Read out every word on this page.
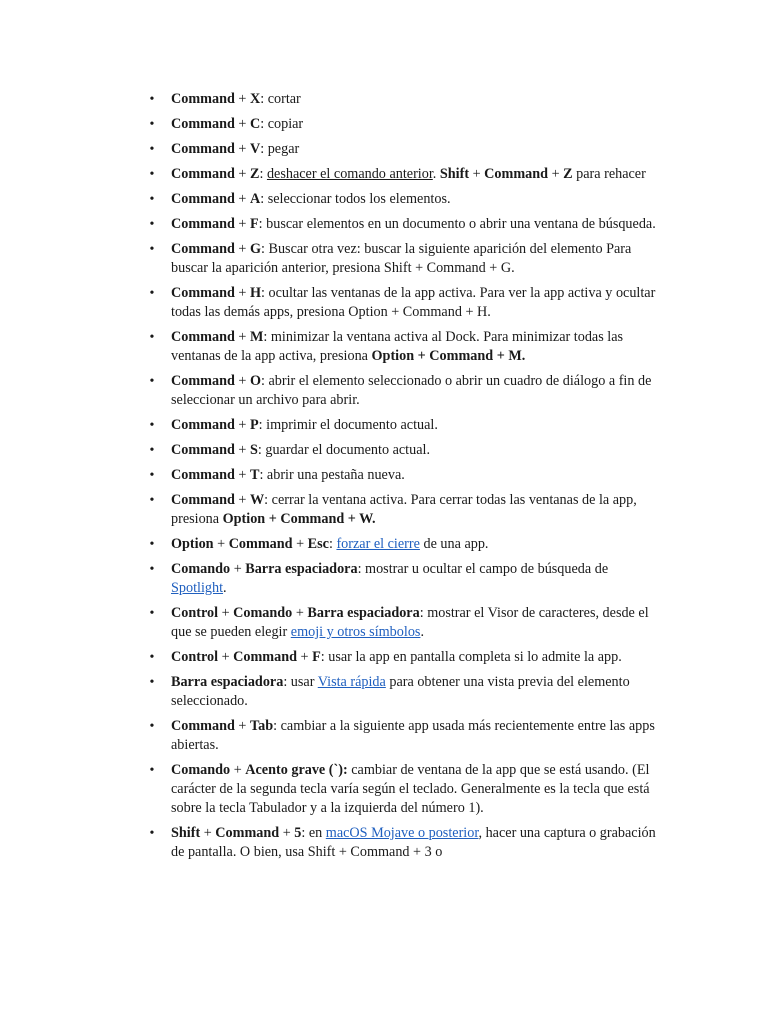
•	Command + X: cortar
•	Command + C: copiar
•	Command + V: pegar
•	Command + Z: deshacer el comando anterior. Shift + Command + Z para rehacer
•	Command + A: seleccionar todos los elementos.
•	Command + F: buscar elementos en un documento o abrir una ventana de búsqueda.
•	Command + G: Buscar otra vez: buscar la siguiente aparición del elemento Para buscar la aparición anterior, presiona Shift + Command + G.
•	Command + H: ocultar las ventanas de la app activa. Para ver la app activa y ocultar todas las demás apps, presiona Option + Command + H.
•	Command + M: minimizar la ventana activa al Dock. Para minimizar todas las ventanas de la app activa, presiona Option + Command + M.
•	Command + O: abrir el elemento seleccionado o abrir un cuadro de diálogo a fin de seleccionar un archivo para abrir.
•	Command + P: imprimir el documento actual.
•	Command + S: guardar el documento actual.
•	Command + T: abrir una pestaña nueva.
•	Command + W: cerrar la ventana activa. Para cerrar todas las ventanas de la app, presiona Option + Command + W.
•	Option + Command + Esc: forzar el cierre de una app.
•	Comando + Barra espaciadora: mostrar u ocultar el campo de búsqueda de Spotlight.
•	Control + Comando + Barra espaciadora: mostrar el Visor de caracteres, desde el que se pueden elegir emoji y otros símbolos.
•	Control + Command + F: usar la app en pantalla completa si lo admite la app.
•	Barra espaciadora: usar Vista rápida para obtener una vista previa del elemento seleccionado.
•	Command + Tab: cambiar a la siguiente app usada más recientemente entre las apps abiertas.
•	Comando + Acento grave (`): cambiar de ventana de la app que se está usando. (El carácter de la segunda tecla varía según el teclado. Generalmente es la tecla que está sobre la tecla Tabulador y a la izquierda del número 1).
•	Shift + Command + 5: en macOS Mojave o posterior, hacer una captura o grabación de pantalla. O bien, usa Shift + Command + 3 o
